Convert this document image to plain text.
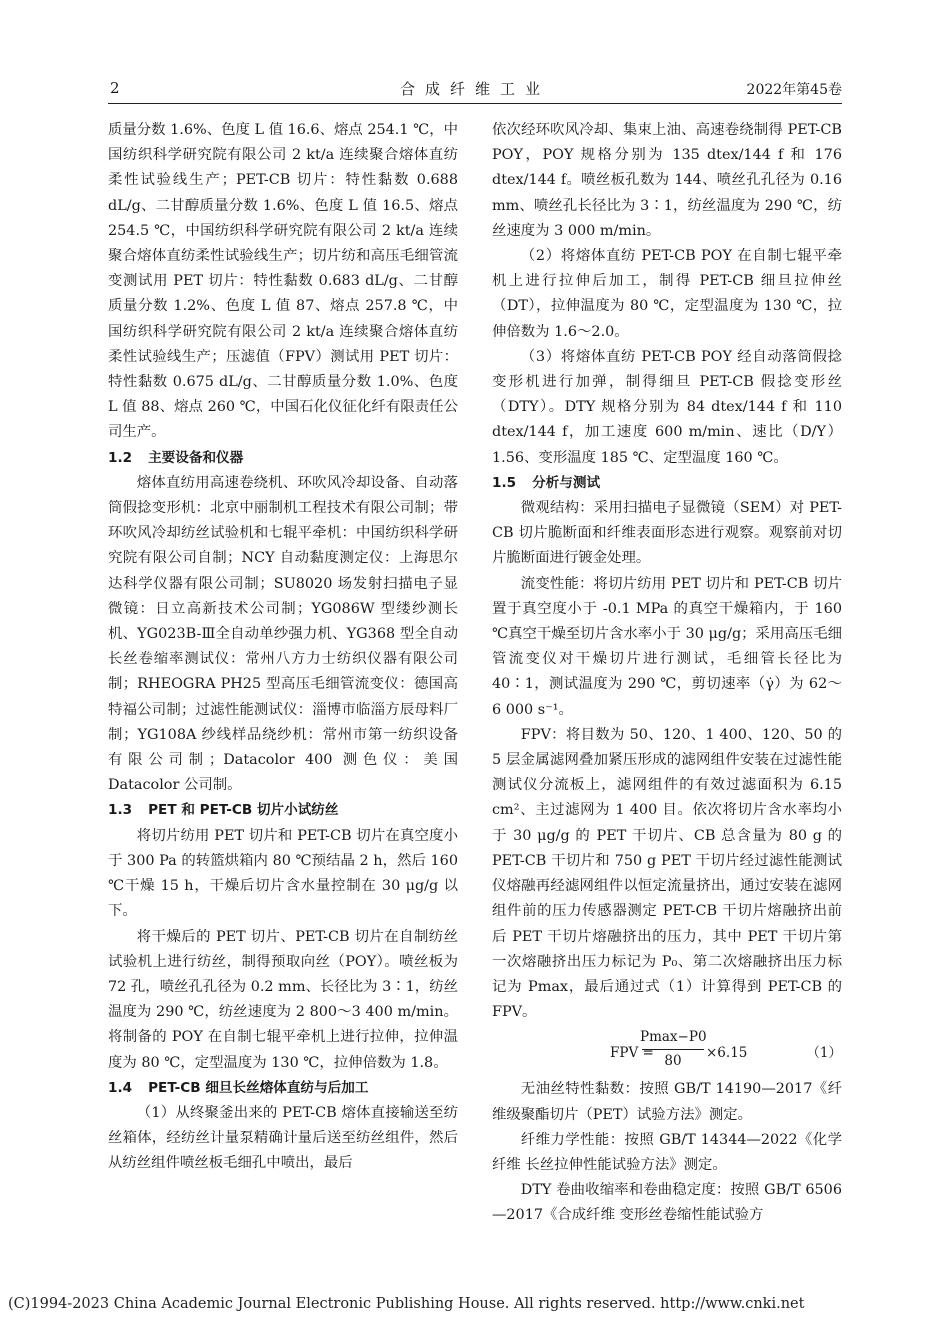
2	合成纤维工业	2022年第45卷

质量分数 1.6%、色度 L 值 16.6、熔点 254.1 ℃，中国纺织科学研究院有限公司 2 kt/a 连续聚合熔体直纺柔性试验线生产；PET-CB 切片：特性黏数 0.688 dL/g、二甘醇质量分数 1.6%、色度 L 值 16.5、熔点 254.5 ℃，中国纺织科学研究院有限公司 2 kt/a 连续聚合熔体直纺柔性试验线生产；切片纺和高压毛细管流变测试用 PET 切片：特性黏数 0.683 dL/g、二甘醇质量分数 1.2%、色度 L 值 87、熔点 257.8 ℃，中国纺织科学研究院有限公司 2 kt/a 连续聚合熔体直纺柔性试验线生产；压滤值（FPV）测试用 PET 切片：特性黏数 0.675 dL/g、二甘醇质量分数 1.0%、色度 L 值 88、熔点 260 ℃，中国石化仪征化纤有限责任公司生产。

1.2 主要设备和仪器

熔体直纺用高速卷绕机、环吹风冷却设备、自动落筒假捻变形机：北京中丽制机工程技术有限公司制；带环吹风冷却纺丝试验机和七辊平牵机：中国纺织科学研究院有限公司自制；NCY 自动黏度测定仪：上海思尔达科学仪器有限公司制；SU8020 场发射扫描电子显微镜：日立高新技术公司制；YG086W 型缕纱测长机、YG023B-Ⅲ全自动单纱强力机、YG368 型全自动长丝卷缩率测试仪：常州八方力士纺织仪器有限公司制；RHEOGRA PH25 型高压毛细管流变仪：德国高特福公司制；过滤性能测试仪：淄博市临淄方辰母料厂制；YG108A 纱线样品绕纱机：常州市第一纺织设备有限公司制；Datacolor 400 测色仪：美国 Datacolor 公司制。

1.3 PET 和 PET-CB 切片小试纺丝

将切片纺用 PET 切片和 PET-CB 切片在真空度小于 300 Pa 的转篮烘箱内 80 ℃预结晶 2 h，然后 160 ℃干燥 15 h，干燥后切片含水量控制在 30 μg/g 以下。

将干燥后的 PET 切片、PET-CB 切片在自制纺丝试验机上进行纺丝，制得预取向丝（POY）。喷丝板为 72 孔，喷丝孔孔径为 0.2 mm、长径比为 3∶1，纺丝温度为 290 ℃，纺丝速度为 2 800～3 400 m/min。将制备的 POY 在自制七辊平牵机上进行拉伸，拉伸温度为 80 ℃，定型温度为 130 ℃，拉伸倍数为 1.8。

1.4 PET-CB 细旦长丝熔体直纺与后加工

（1）从终聚釜出来的 PET-CB 熔体直接输送至纺丝箱体，经纺丝计量泵精确计量后送至纺丝组件，然后从纺丝组件喷丝板毛细孔中喷出，最后

依次经环吹风冷却、集束上油、高速卷绕制得 PET-CB POY，POY 规格分别为 135 dtex/144 f 和 176 dtex/144 f。喷丝板孔数为 144、喷丝孔孔径为 0.16 mm、喷丝孔长径比为 3∶1，纺丝温度为 290 ℃，纺丝速度为 3 000 m/min。

（2）将熔体直纺 PET-CB POY 在自制七辊平牵机上进行拉伸后加工，制得 PET-CB 细旦拉伸丝（DT），拉伸温度为 80 ℃，定型温度为 130 ℃，拉伸倍数为 1.6～2.0。

（3）将熔体直纺 PET-CB POY 经自动落筒假捻变形机进行加弹，制得细旦 PET-CB 假捻变形丝（DTY）。DTY 规格分别为 84 dtex/144 f 和 110 dtex/144 f，加工速度 600 m/min、速比（D/Y）1.56、变形温度 185 ℃、定型温度 160 ℃。

1.5 分析与测试

微观结构：采用扫描电子显微镜（SEM）对 PET-CB 切片脆断面和纤维表面形态进行观察。观察前对切片脆断面进行镀金处理。

流变性能：将切片纺用 PET 切片和 PET-CB 切片置于真空度小于 -0.1 MPa 的真空干燥箱内，于 160 ℃真空干燥至切片含水率小于 30 μg/g；采用高压毛细管流变仪对干燥切片进行测试，毛细管长径比为 40∶1，测试温度为 290 ℃，剪切速率（γ̇）为 62～6 000 s⁻¹。

FPV：将目数为 50、120、1 400、120、50 的 5 层金属滤网叠加紧压形成的滤网组件安装在过滤性能测试仪分流板上，滤网组件的有效过滤面积为 6.15 cm²、主过滤网为 1 400 目。依次将切片含水率均小于 30 μg/g 的 PET 干切片、CB 总含量为 80 g 的 PET-CB 干切片和 750 g PET 干切片经过滤性能测试仪熔融再经滤网组件以恒定流量挤出，通过安装在滤网组件前的压力传感器测定 PET-CB 干切片熔融挤出前后 PET 干切片熔融挤出的压力，其中 PET 干切片第一次熔融挤出压力标记为 P₀、第二次熔融挤出压力标记为 Pmax，最后通过式（1）计算得到 PET-CB 的 FPV。

FPV =
Pmax−P0
80	×6.15	（1）

无油丝特性黏数：按照 GB/T 14190—2017《纤维级聚酯切片（PET）试验方法》测定。

纤维力学性能：按照 GB/T 14344—2022《化学纤维 长丝拉伸性能试验方法》测定。

DTY 卷曲收缩率和卷曲稳定度：按照 GB/T 6506—2017《合成纤维 变形丝卷缩性能试验方

(C)1994-2023 China Academic Journal Electronic Publishing House. All rights reserved. http://www.cnki.net
